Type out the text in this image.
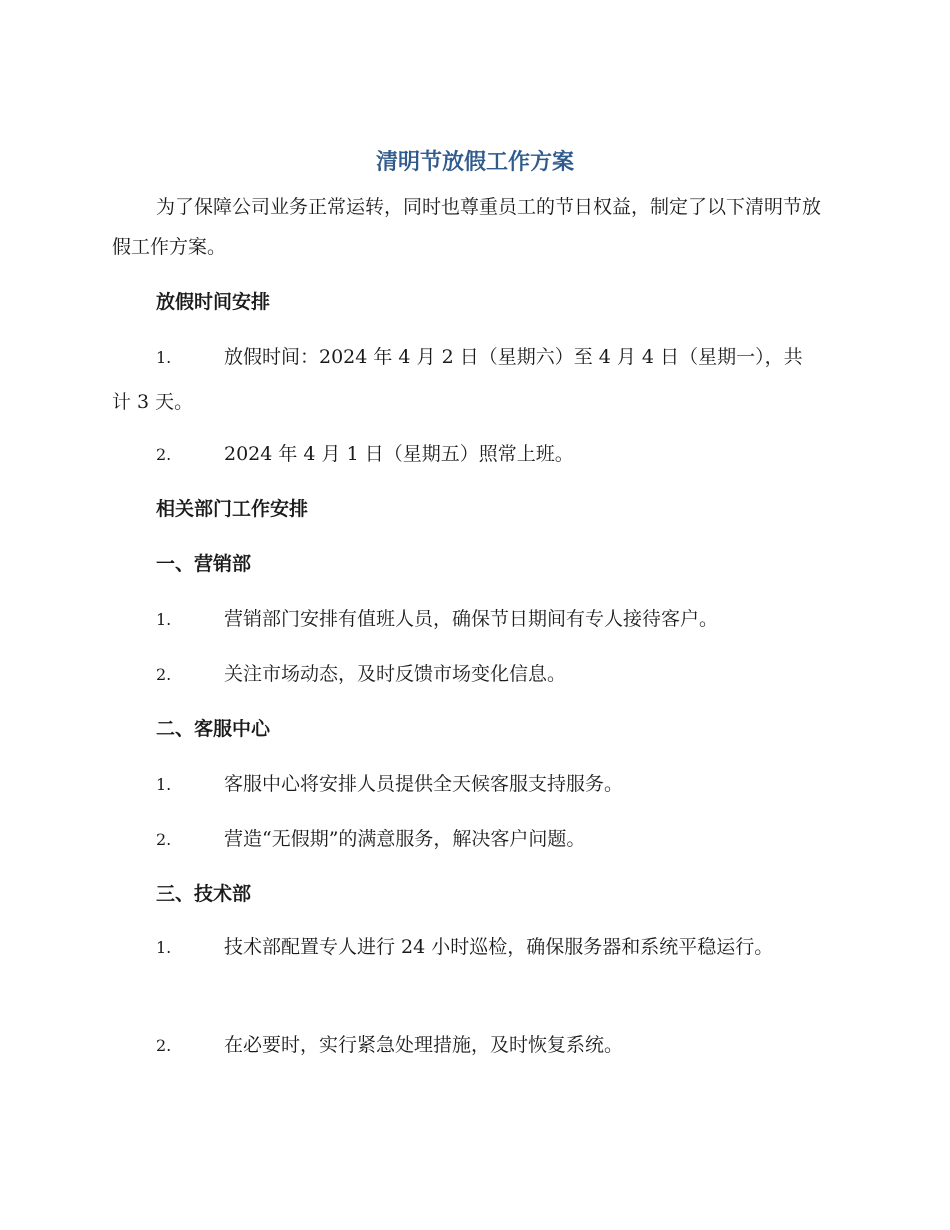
清明节放假工作方案
为了保障公司业务正常运转，同时也尊重员工的节日权益，制定了以下清明节放假工作方案。
放假时间安排
1.	放假时间：2024 年 4 月 2 日（星期六）至 4 月 4 日（星期一），共计 3 天。
2.	2024 年 4 月 1 日（星期五）照常上班。
相关部门工作安排
一、营销部
1.	营销部门安排有值班人员，确保节日期间有专人接待客户。
2.	关注市场动态，及时反馈市场变化信息。
二、客服中心
1.	客服中心将安排人员提供全天候客服支持服务。
2.	营造“无假期”的满意服务，解决客户问题。
三、技术部
1.	技术部配置专人进行 24 小时巡检，确保服务器和系统平稳运行。
2.	在必要时，实行紧急处理措施，及时恢复系统。
